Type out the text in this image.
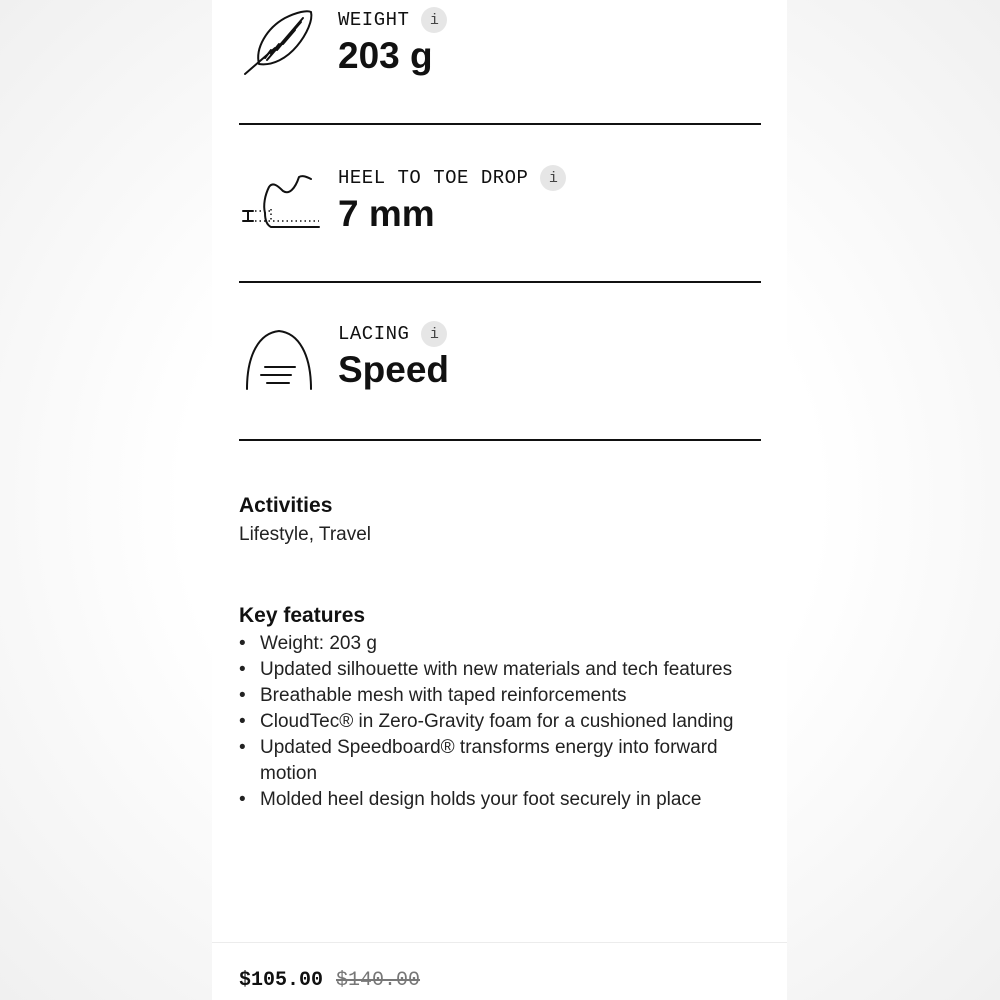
WEIGHT	i
203 g
HEEL TO TOE DROP	i
7 mm
LACING	i
Speed
Activities
Lifestyle, Travel
Key features
• Weight: 203 g
• Updated silhouette with new materials and tech features
• Breathable mesh with taped reinforcements
• CloudTec® in Zero-Gravity foam for a cushioned landing
• Updated Speedboard® transforms energy into forward motion
• Molded heel design holds your foot securely in place
$105.00 $140.00
